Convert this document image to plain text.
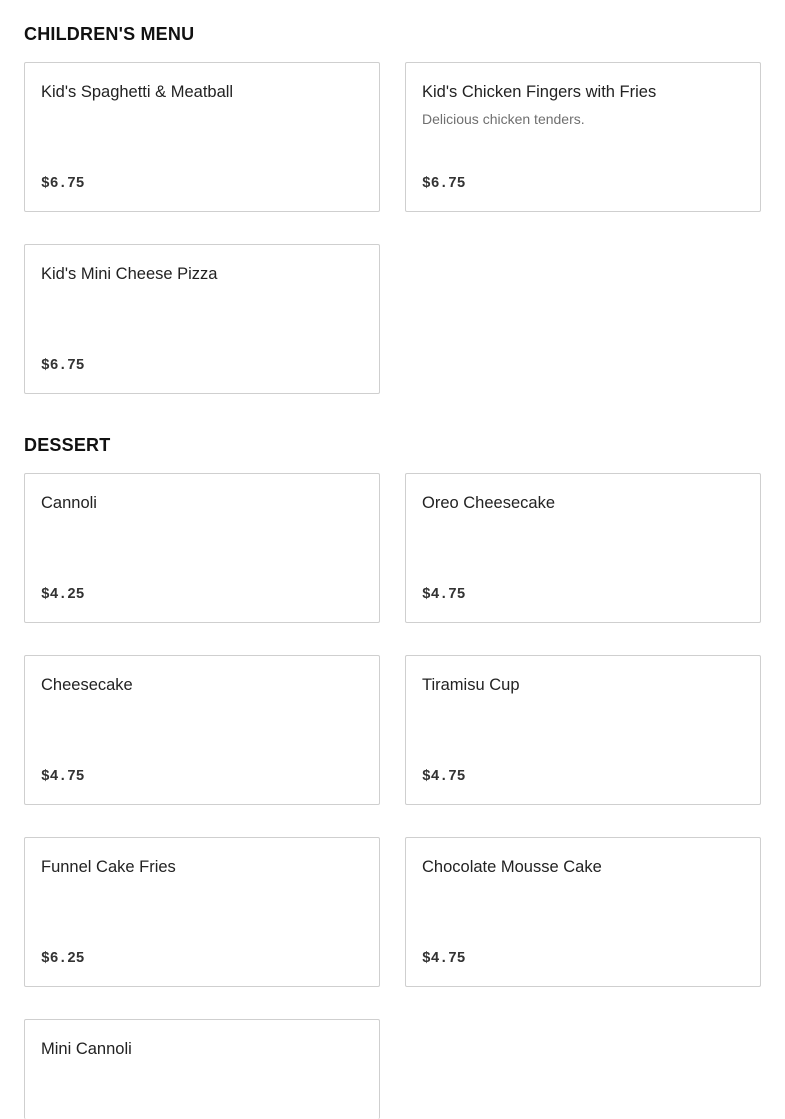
CHILDREN'S MENU
Kid's Spaghetti & Meatball
$6.75
Kid's Chicken Fingers with Fries
Delicious chicken tenders.
$6.75
Kid's Mini Cheese Pizza
$6.75
DESSERT
Cannoli
$4.25
Oreo Cheesecake
$4.75
Cheesecake
$4.75
Tiramisu Cup
$4.75
Funnel Cake Fries
$6.25
Chocolate Mousse Cake
$4.75
Mini Cannoli
